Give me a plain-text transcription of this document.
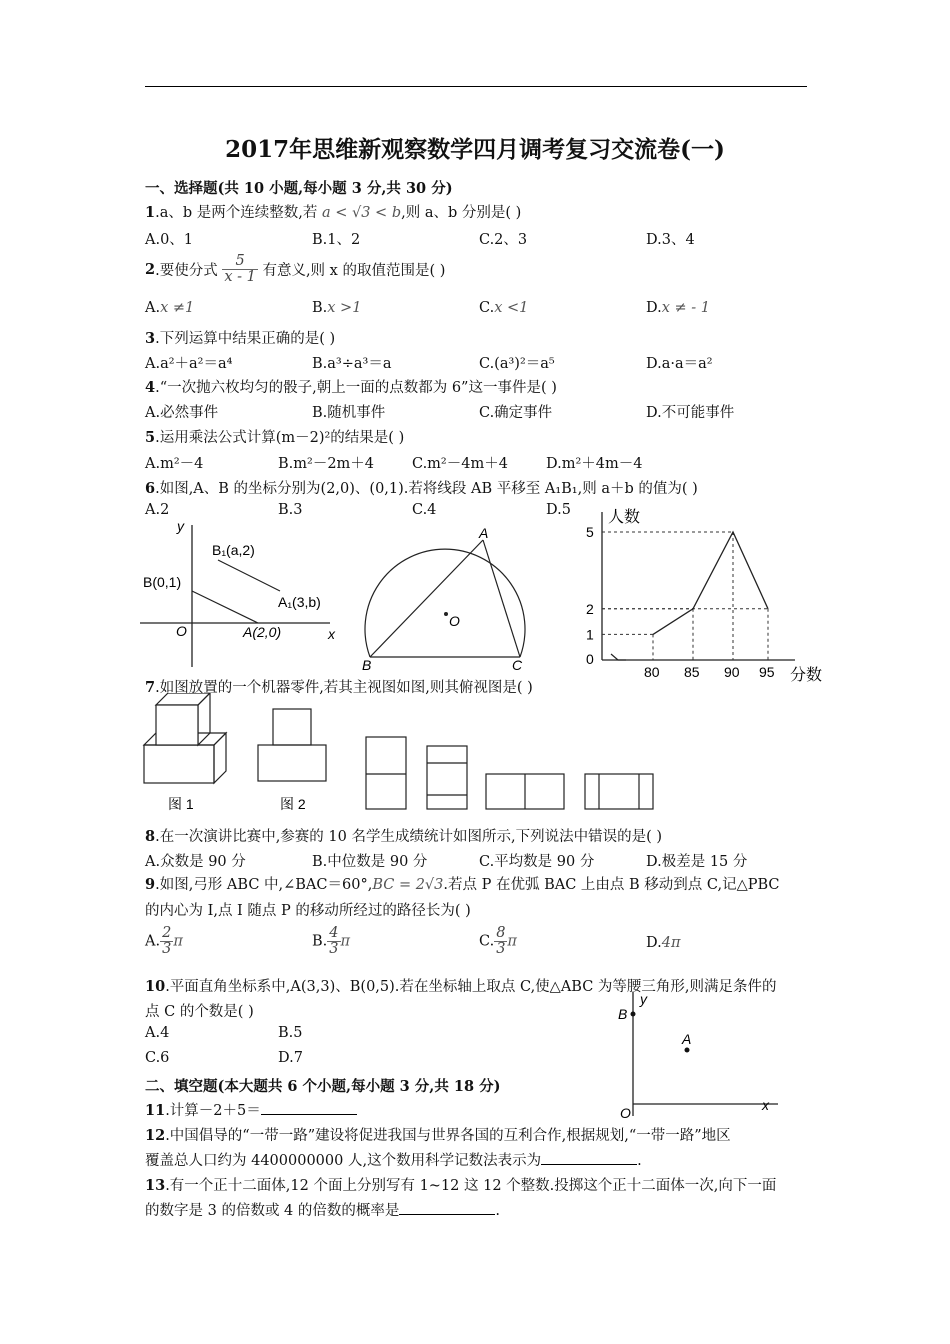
2017年思维新观察数学四月调考复习交流卷(一)
一、选择题(共 10 小题,每小题 3 分,共 30 分)
1.a、b 是两个连续整数,若 a < √3 < b,则 a、b 分别是( )
A.0、1	B.1、2	C.2、3	D.3、4
2.要使分式 $\frac{5}{x - 1}$ 有意义,则 x 的取值范围是( )
A.x ≠1	B.x >1	C.x <1	D.x ≠ - 1
3.下列运算中结果正确的是( )
A.a²＋a²＝a⁴	B.a³÷a³＝a	C.(a³)²＝a⁵	D.a·a＝a²
4.“一次抛六枚均匀的骰子,朝上一面的点数都为 6”这一事件是( )
A.必然事件	B.随机事件	C.确定事件	D.不可能事件
5.运用乘法公式计算(m－2)²的结果是( )
A.m²－4	B.m²－2m＋4	C.m²－4m＋4	D.m²＋4m－4
6.如图,A、B 的坐标分别为(2,0)、(0,1).若将线段 AB 平移至 A₁B₁,则 a＋b 的值为( )
A.2	B.3	C.4	D.5
y
x
O
B(0,1)
A(2,0)
B₁(a,2)
A₁(3,b)
A
B	C
O
人数
分数
80 85 90 95
0
1
2
5
7.如图放置的一个机器零件,若其主视图如图,则其俯视图是( )
图 1	图 2
8.在一次演讲比赛中,参赛的 10 名学生成绩统计如图所示,下列说法中错误的是( )
A.众数是 90 分	B.中位数是 90 分	C.平均数是 90 分	D.极差是 15 分
9.如图,弓形 ABC 中,∠BAC＝60°,BC = 2√3.若点 P 在优弧 BAC 上由点 B 移动到点 C,记△PBC
的内心为 I,点 I 随点 P 的移动所经过的路径长为( )
A. $\frac{2}{3}$ π	B. $\frac{4}{3}$ π	C. $\frac{8}{3}$ π	D.4π
10.平面直角坐标系中,A(3,3)、B(0,5).若在坐标轴上取点 C,使△ABC 为等腰三角形,则满足条件的
点 C 的个数是( )
A.4	B.5
C.6	D.7
y
x
O
B
A
二、填空题(本大题共 6 个小题,每小题 3 分,共 18 分)
11.计算－2＋5＝
12.中国倡导的“一带一路”建设将促进我国与世界各国的互利合作,根据规划,“一带一路”地区
覆盖总人口约为 4400000000 人,这个数用科学记数法表示为	.
13.有一个正十二面体,12 个面上分别写有 1~12 这 12 个整数.投掷这个正十二面体一次,向下一面
的数字是 3 的倍数或 4 的倍数的概率是	.
